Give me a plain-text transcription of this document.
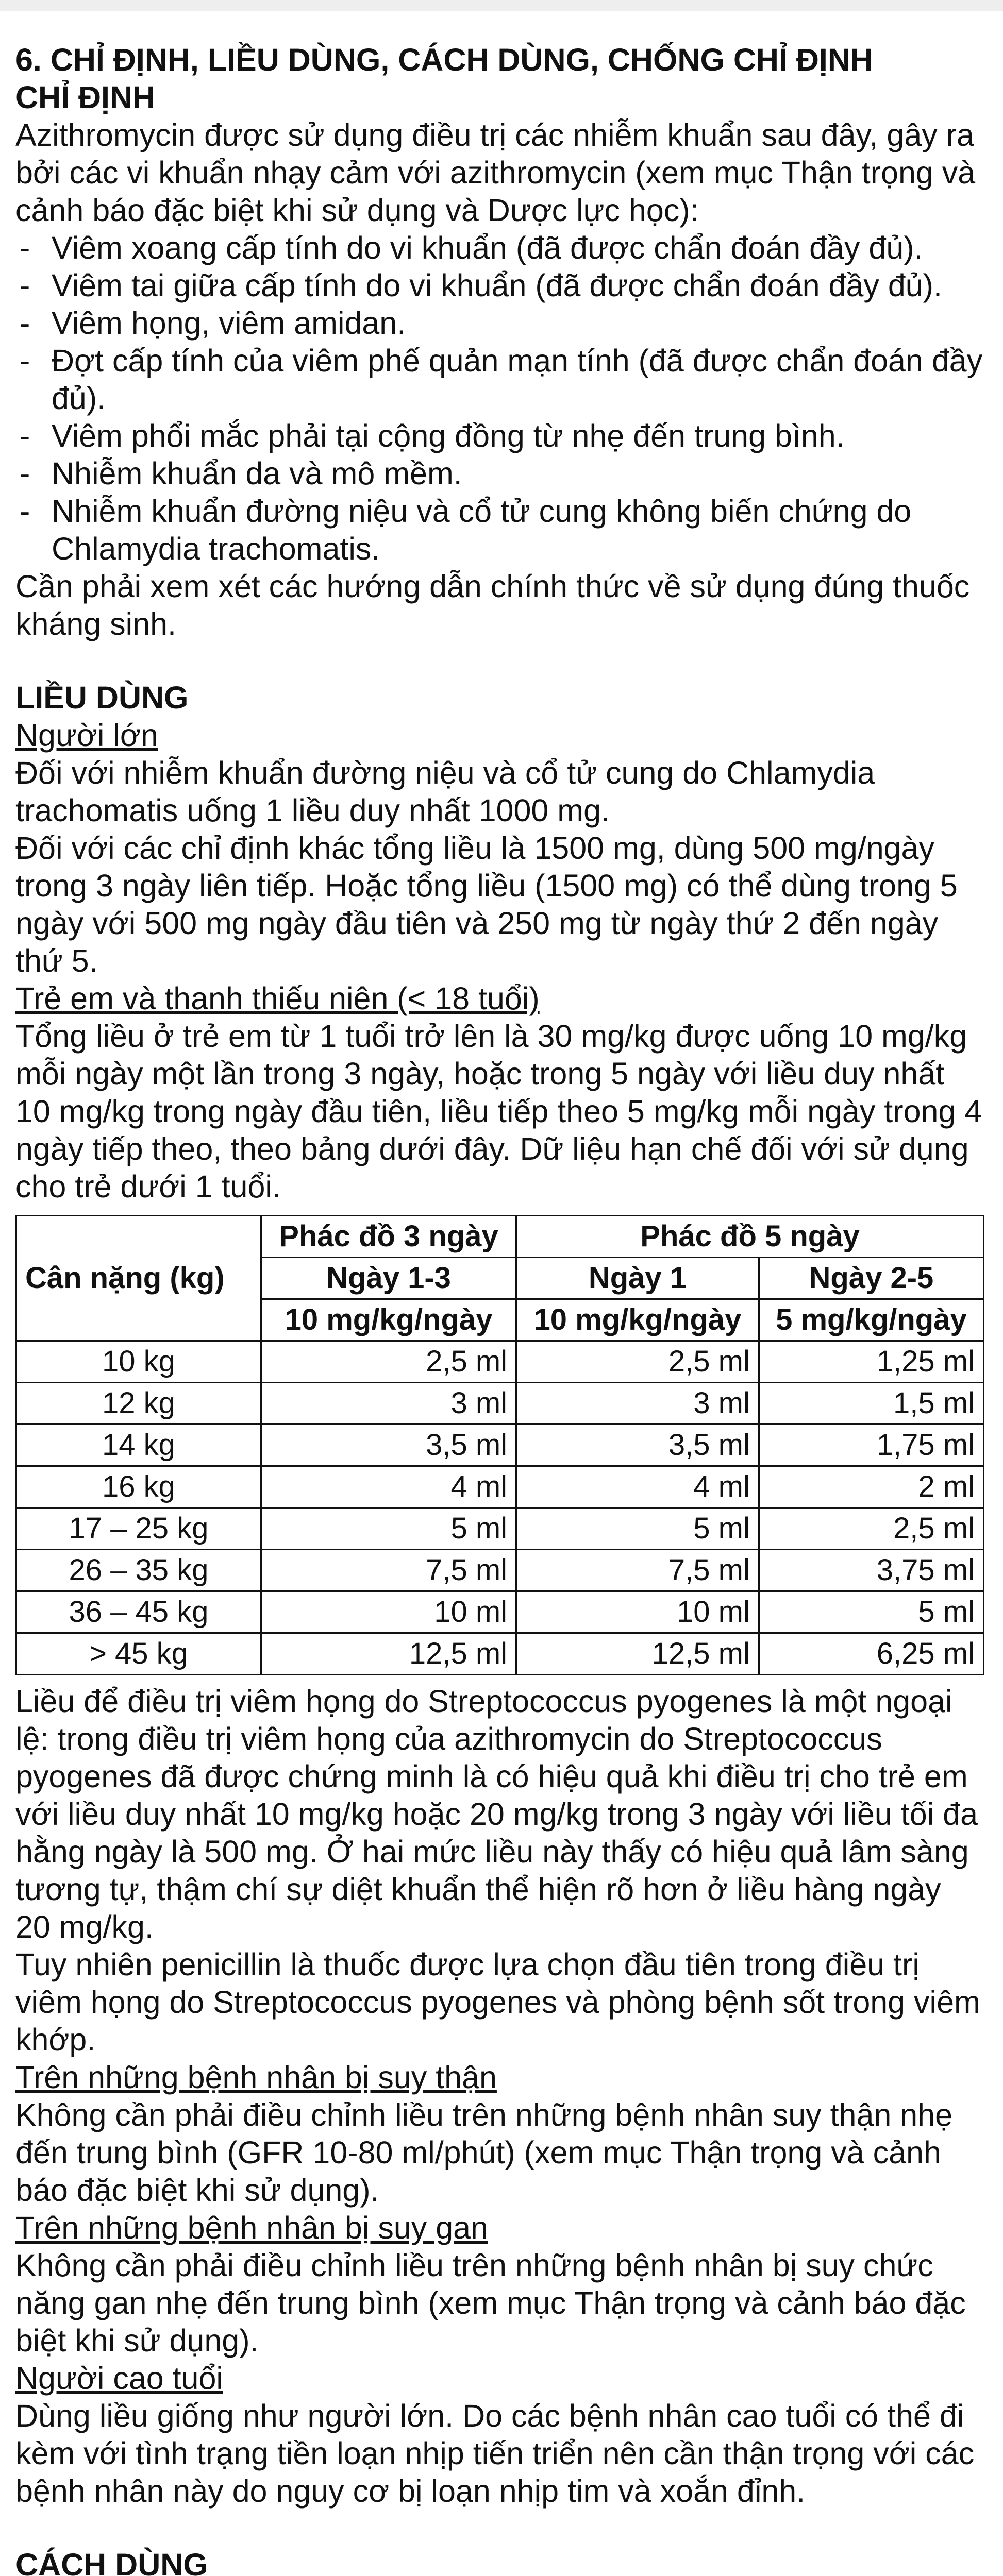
6. CHỈ ĐỊNH, LIỀU DÙNG, CÁCH DÙNG, CHỐNG CHỈ ĐỊNH

CHỈ ĐỊNH

Azithromycin được sử dụng điều trị các nhiễm khuẩn sau đây, gây ra bởi các vi khuẩn nhạy cảm với azithromycin (xem mục Thận trọng và cảnh báo đặc biệt khi sử dụng và Dược lực học):

- Viêm xoang cấp tính do vi khuẩn (đã được chẩn đoán đầy đủ).
- Viêm tai giữa cấp tính do vi khuẩn (đã được chẩn đoán đầy đủ).
- Viêm họng, viêm amidan.
- Đợt cấp tính của viêm phế quản mạn tính (đã được chẩn đoán đầy đủ).
- Viêm phổi mắc phải tại cộng đồng từ nhẹ đến trung bình.
- Nhiễm khuẩn da và mô mềm.
- Nhiễm khuẩn đường niệu và cổ tử cung không biến chứng do Chlamydia trachomatis.

Cần phải xem xét các hướng dẫn chính thức về sử dụng đúng thuốc kháng sinh.

LIỀU DÙNG

Người lớn

Đối với nhiễm khuẩn đường niệu và cổ tử cung do Chlamydia trachomatis uống 1 liều duy nhất 1000 mg.

Đối với các chỉ định khác tổng liều là 1500 mg, dùng 500 mg/ngày trong 3 ngày liên tiếp. Hoặc tổng liều (1500 mg) có thể dùng trong 5 ngày với 500 mg ngày đầu tiên và 250 mg từ ngày thứ 2 đến ngày thứ 5.

Trẻ em và thanh thiếu niên (< 18 tuổi)

Tổng liều ở trẻ em từ 1 tuổi trở lên là 30 mg/kg được uống 10 mg/kg mỗi ngày một lần trong 3 ngày, hoặc trong 5 ngày với liều duy nhất 10 mg/kg trong ngày đầu tiên, liều tiếp theo 5 mg/kg mỗi ngày trong 4 ngày tiếp theo, theo bảng dưới đây. Dữ liệu hạn chế đối với sử dụng cho trẻ dưới 1 tuổi.

Cân nặng (kg)	Phác đồ 3 ngày	Phác đồ 5 ngày	
	Ngày 1-3	Ngày 1	Ngày 2-5
	10 mg/kg/ngày	10 mg/kg/ngày	5 mg/kg/ngày
10 kg	2,5 ml	2,5 ml	1,25 ml
12 kg	3 ml	3 ml	1,5 ml
14 kg	3,5 ml	3,5 ml	1,75 ml
16 kg	4 ml	4 ml	2 ml
17 – 25 kg	5 ml	5 ml	2,5 ml
26 – 35 kg	7,5 ml	7,5 ml	3,75 ml
36 – 45 kg	10 ml	10 ml	5 ml
> 45 kg	12,5 ml	12,5 ml	6,25 ml

Liều để điều trị viêm họng do Streptococcus pyogenes là một ngoại lệ: trong điều trị viêm họng của azithromycin do Streptococcus pyogenes đã được chứng minh là có hiệu quả khi điều trị cho trẻ em với liều duy nhất 10 mg/kg hoặc 20 mg/kg trong 3 ngày với liều tối đa hằng ngày là 500 mg. Ở hai mức liều này thấy có hiệu quả lâm sàng tương tự, thậm chí sự diệt khuẩn thể hiện rõ hơn ở liều hàng ngày 20 mg/kg.

Tuy nhiên penicillin là thuốc được lựa chọn đầu tiên trong điều trị viêm họng do Streptococcus pyogenes và phòng bệnh sốt trong viêm khớp.

Trên những bệnh nhân bị suy thận

Không cần phải điều chỉnh liều trên những bệnh nhân suy thận nhẹ đến trung bình (GFR 10-80 ml/phút) (xem mục Thận trọng và cảnh báo đặc biệt khi sử dụng).

Trên những bệnh nhân bị suy gan

Không cần phải điều chỉnh liều trên những bệnh nhân bị suy chức năng gan nhẹ đến trung bình (xem mục Thận trọng và cảnh báo đặc biệt khi sử dụng).

Người cao tuổi

Dùng liều giống như người lớn. Do các bệnh nhân cao tuổi có thể đi kèm với tình trạng tiền loạn nhịp tiến triển nên cần thận trọng với các bệnh nhân này do nguy cơ bị loạn nhịp tim và xoắn đỉnh.

CÁCH DÙNG
